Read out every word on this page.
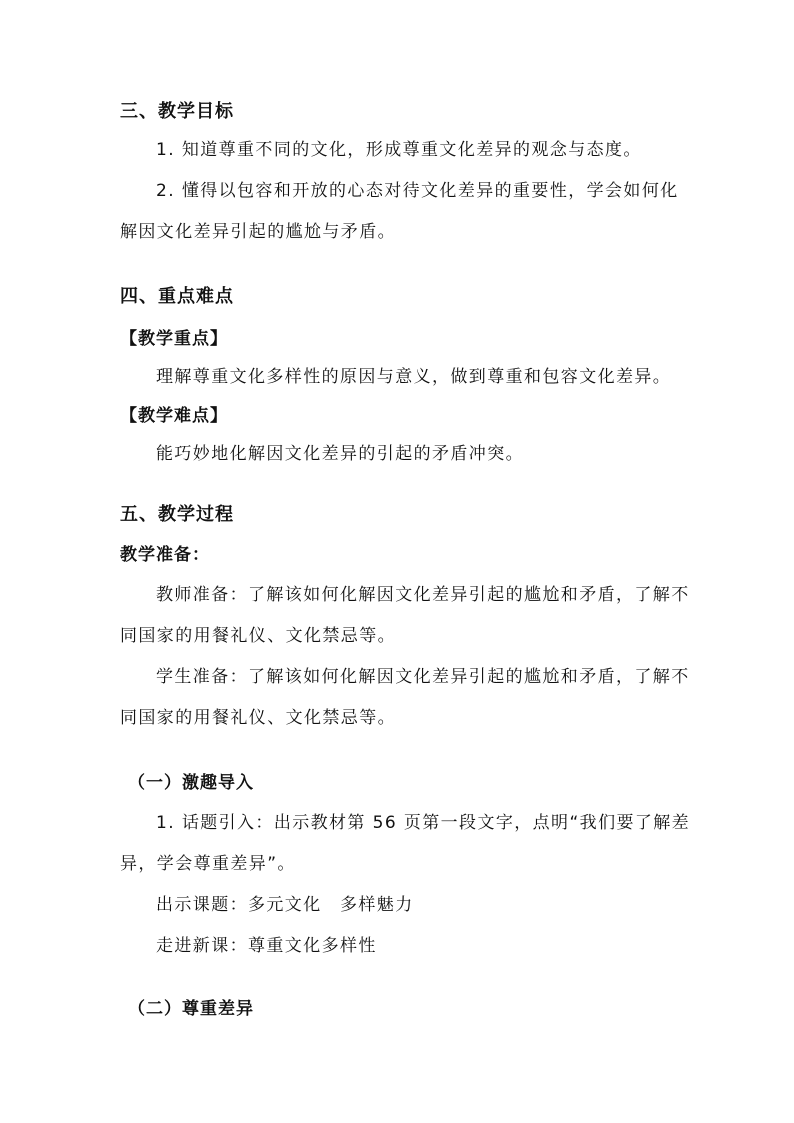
三、教学目标

1. 知道尊重不同的文化，形成尊重文化差异的观念与态度。

2. 懂得以包容和开放的心态对待文化差异的重要性，学会如何化解因文化差异引起的尴尬与矛盾。

四、重点难点
【教学重点】

理解尊重文化多样性的原因与意义，做到尊重和包容文化差异。

【教学难点】

能巧妙地化解因文化差异的引起的矛盾冲突。

五、教学过程
教学准备：

教师准备：了解该如何化解因文化差异引起的尴尬和矛盾，了解不同国家的用餐礼仪、文化禁忌等。

学生准备：了解该如何化解因文化差异引起的尴尬和矛盾，了解不同国家的用餐礼仪、文化禁忌等。

（一）激趣导入

1. 话题引入：出示教材第 56 页第一段文字，点明“我们要了解差异，学会尊重差异”。

出示课题：多元文化　多样魅力

走进新课：尊重文化多样性

（二）尊重差异
